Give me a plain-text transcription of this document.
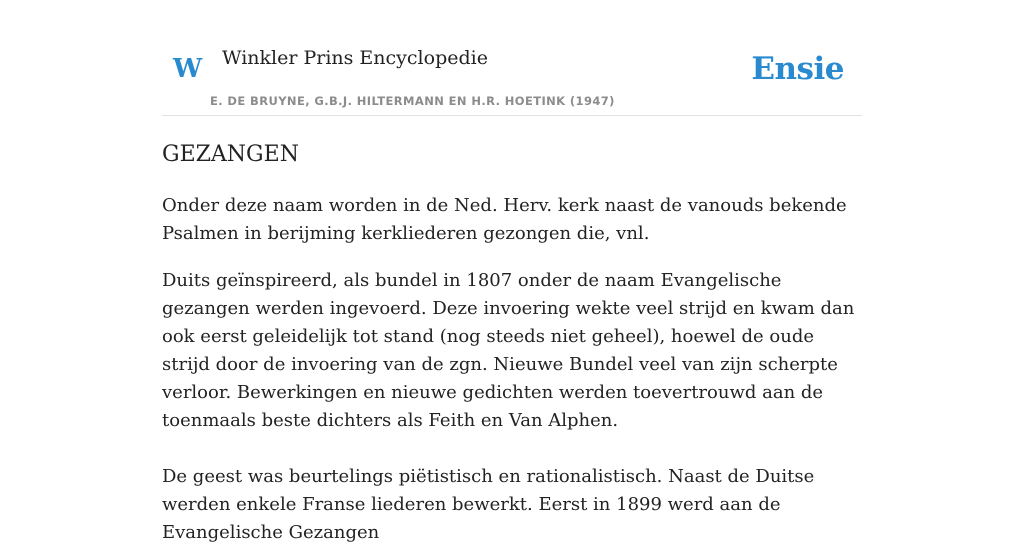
W Winkler Prins Encyclopedie
E. DE BRUYNE, G.B.J. HILTERMANN EN H.R. HOETINK (1947)
Ensie
GEZANGEN

Onder deze naam worden in de Ned. Herv. kerk naast de vanouds bekende Psalmen in berijming kerkliederen gezongen die, vnl.

Duits geïnspireerd, als bundel in 1807 onder de naam Evangelische gezangen werden ingevoerd. Deze invoering wekte veel strijd en kwam dan ook eerst geleidelijk tot stand (nog steeds niet geheel), hoewel de oude strijd door de invoering van de zgn. Nieuwe Bundel veel van zijn scherpte verloor. Bewerkingen en nieuwe gedichten werden toevertrouwd aan de toenmaals beste dichters als Feith en Van Alphen.

De geest was beurtelings piëtistisch en rationalistisch. Naast de Duitse werden enkele Franse liederen bewerkt. Eerst in 1899 werd aan de Evangelische Gezangen
